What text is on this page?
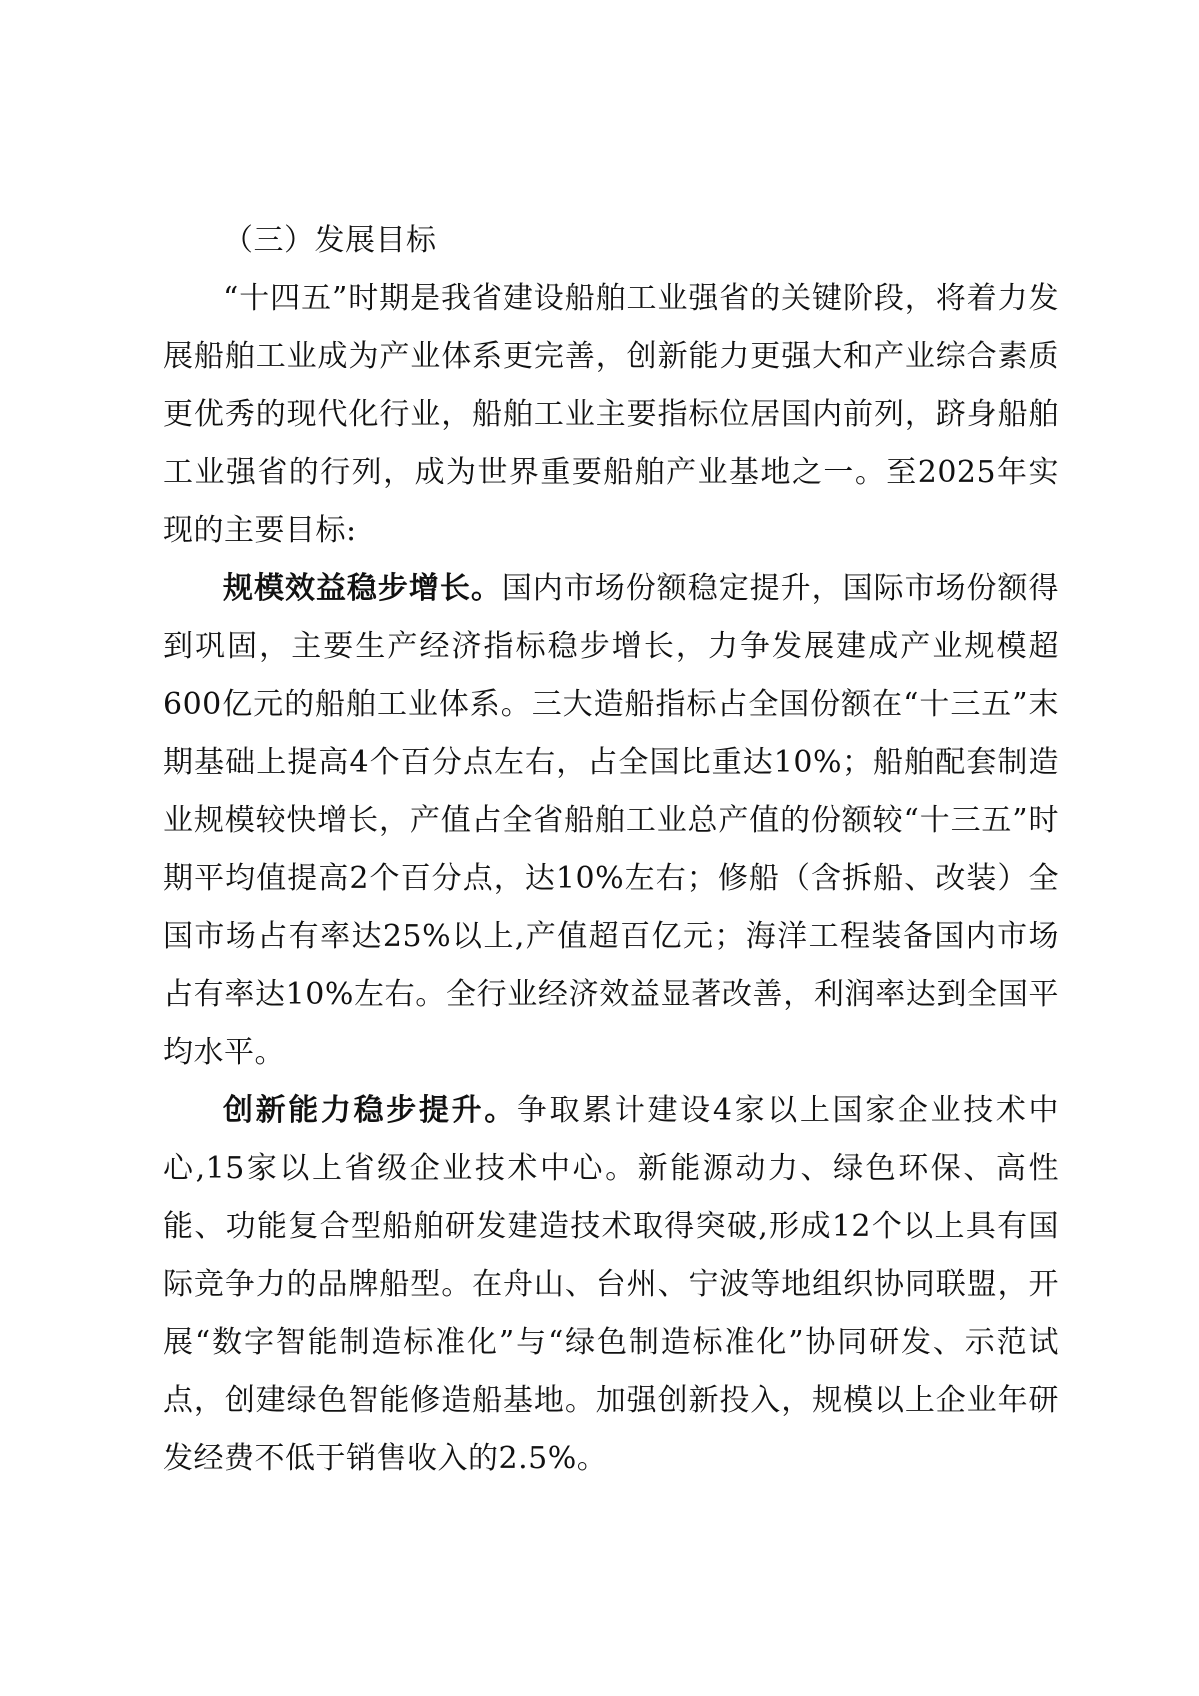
（三）发展目标

“十四五”时期是我省建设船舶工业强省的关键阶段，将着力发展船舶工业成为产业体系更完善，创新能力更强大和产业综合素质更优秀的现代化行业，船舶工业主要指标位居国内前列，跻身船舶工业强省的行列，成为世界重要船舶产业基地之一。至2025年实现的主要目标:

规模效益稳步增长。国内市场份额稳定提升，国际市场份额得到巩固，主要生产经济指标稳步增长，力争发展建成产业规模超600亿元的船舶工业体系。三大造船指标占全国份额在“十三五”末期基础上提高4个百分点左右，占全国比重达10%；船舶配套制造业规模较快增长，产值占全省船舶工业总产值的份额较“十三五”时期平均值提高2个百分点，达10%左右；修船（含拆船、改装）全国市场占有率达25%以上,产值超百亿元；海洋工程装备国内市场占有率达10%左右。全行业经济效益显著改善，利润率达到全国平均水平。

创新能力稳步提升。争取累计建设4家以上国家企业技术中心,15家以上省级企业技术中心。新能源动力、绿色环保、高性能、功能复合型船舶研发建造技术取得突破,形成12个以上具有国际竞争力的品牌船型。在舟山、台州、宁波等地组织协同联盟，开展“数字智能制造标准化”与“绿色制造标准化”协同研发、示范试点，创建绿色智能修造船基地。加强创新投入，规模以上企业年研发经费不低于销售收入的2.5%。
